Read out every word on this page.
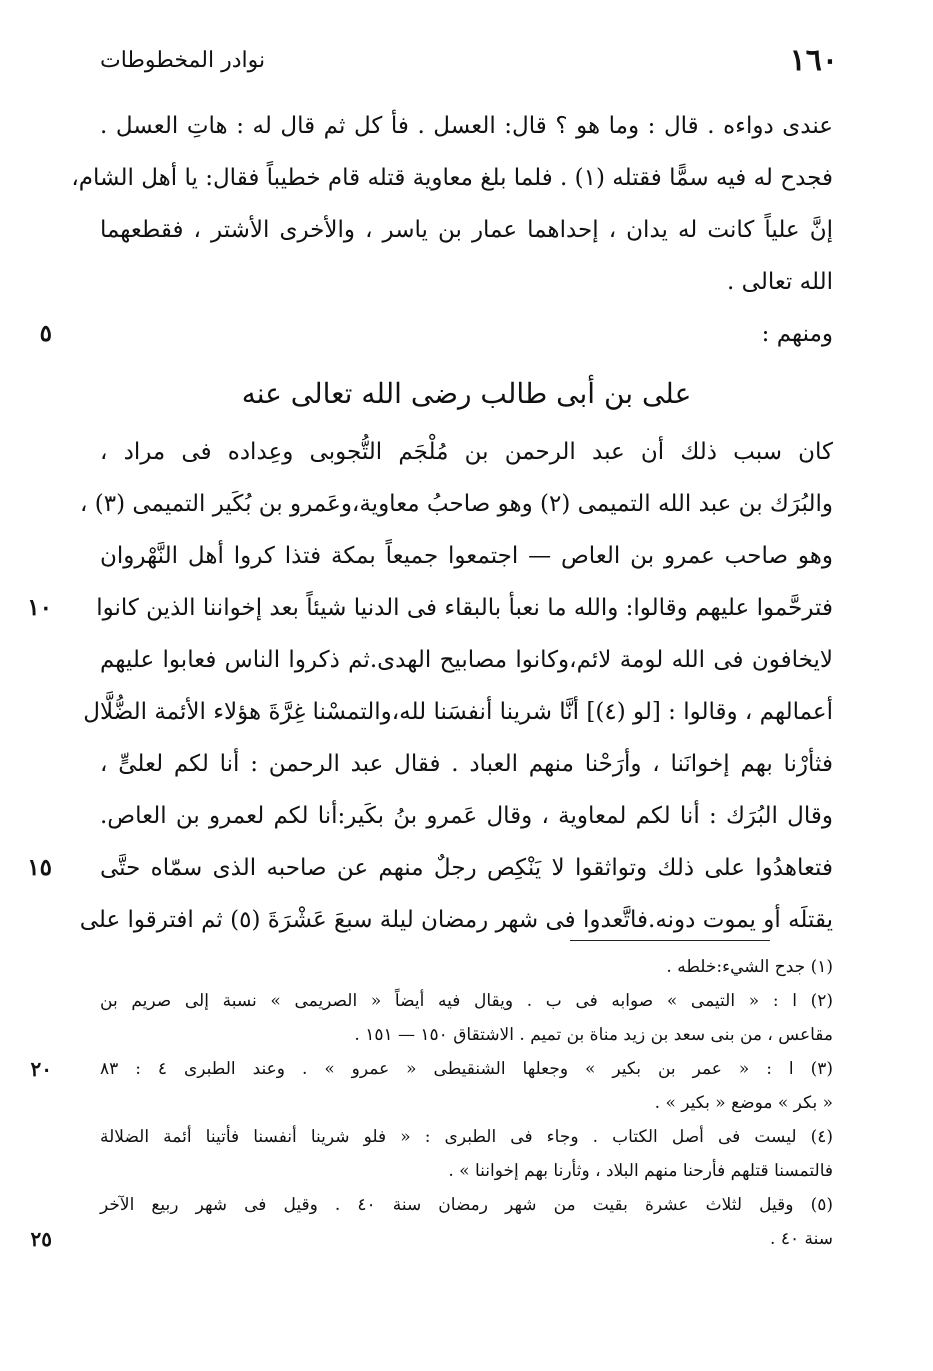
١٦٠
نوادر المخطوطات
عندى دواءه . قال : وما هو ؟ قال: العسل . فأ كل ثم قال له : هاتِ العسل .
فجدح له فيه سمًّا فقتله (١) . فلما بلغ معاوية قتله قام خطيباً فقال: يا أهل الشام،
إنَّ علياً كانت له يدان ، إحداهما عمار بن ياسر ، والأخرى الأشتر ، فقطعهما
الله تعالى .
ومنهم :
٥
على بن أبى طالب رضى الله تعالى عنه
كان سبب ذلك أن عبد الرحمن بن مُلْجَم التُّجوبى وعِداده فى مراد ،
والبُرَك بن عبد الله التميمى (٢) وهو صاحبُ معاوية،وعَمرو بن بُكَير التميمى (٣) ،
وهو صاحب عمرو بن العاص — اجتمعوا جميعاً بمكة فتذا كروا أهل النَّهْروان
فترحَّموا عليهم وقالوا: والله ما نعبأ بالبقاء فى الدنيا شيئاً بعد إخواننا الذين كانوا
١٠
لايخافون فى الله لومة لائم،وكانوا مصابيح الهدى.ثم ذكروا الناس فعابوا عليهم
أعمالهم ، وقالوا : [لو (٤)] أنَّا شرينا أنفسَنا لله،والتمسْنا غِرَّةَ هؤلاء الأئمة الضُّلَّال
فثأرْنا بهم إخوانَنا ، وأرَحْنا منهم العباد . فقال عبد الرحمن : أنا لكم لعلىٍّ ،
وقال البُرَك : أنا لكم لمعاوية ، وقال عَمرو بنُ بكَير:أنا لكم لعمرو بن العاص.
فتعاهدُوا على ذلك وتواثقوا لا يَنْكِص رجلٌ منهم عن صاحبه الذى سمّاه حتَّى
١٥
يقتلَه أو يموت دونه.فاتَّعدوا فى شهر رمضان ليلة سبعَ عَشْرَةَ (٥) ثم افترقوا على
(١) جدح الشيء:خلطه .
(٢) ا : « التيمى » صوابه فى ب . ويقال فيه أيضاً « الصريمى » نسبة إلى صريم بن
مقاعس ، من بنى سعد بن زيد مناة بن تميم . الاشتقاق ١٥٠ — ١٥١ .
(٣) ا : « عمر بن بكير » وجعلها الشنقيطى « عمرو » . وعند الطبرى ٤ : ٨٣
٢٠
« بكر » موضع « بكير » .
(٤) ليست فى أصل الكتاب . وجاء فى الطبرى : « فلو شرينا أنفسنا فأتينا أئمة الضلالة
فالتمسنا قتلهم فأرحنا منهم البلاد ، وثأرنا بهم إخواننا » .
(٥) وقيل لثلاث عشرة بقيت من شهر رمضان سنة ٤٠ . وقيل فى شهر ربيع الآخر
سنة ٤٠ .
٢٥
